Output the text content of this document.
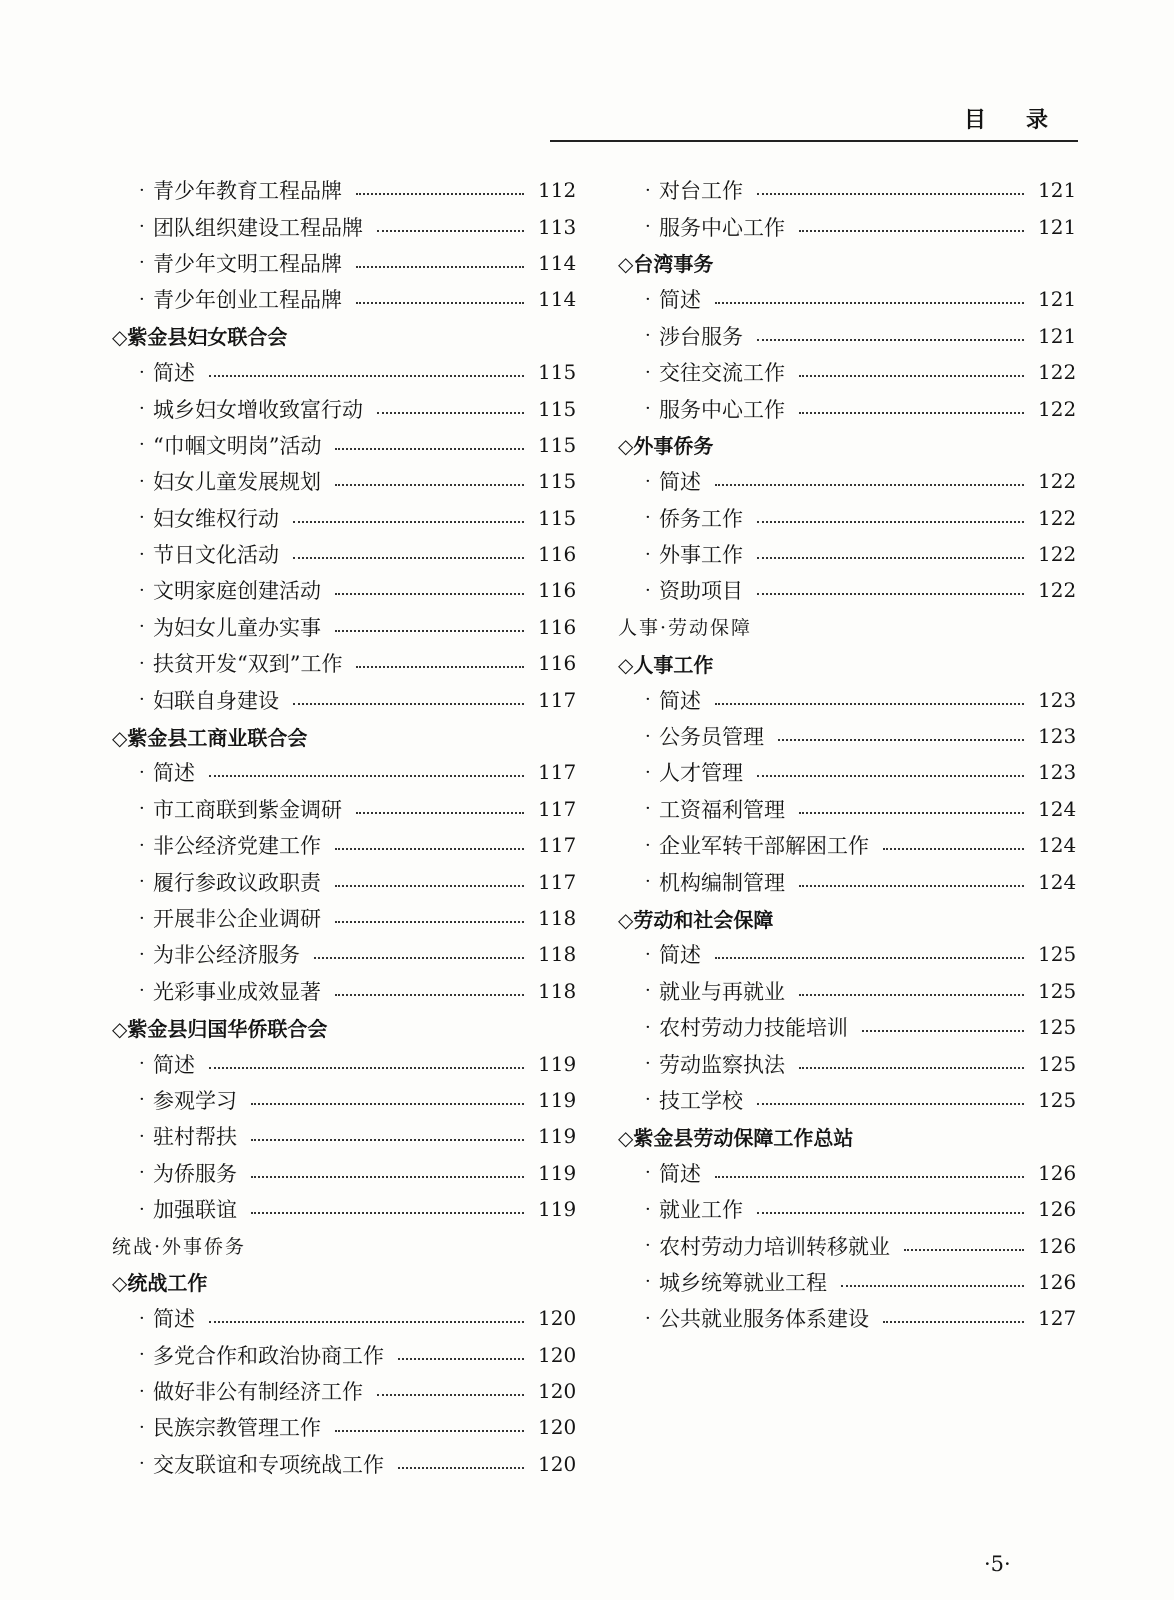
目录
· 青少年教育工程品牌	112
· 团队组织建设工程品牌	113
· 青少年文明工程品牌	114
· 青少年创业工程品牌	114
◇紫金县妇女联合会
· 简述	115
· 城乡妇女增收致富行动	115
· “巾帼文明岗”活动	115
· 妇女儿童发展规划	115
· 妇女维权行动	115
· 节日文化活动	116
· 文明家庭创建活动	116
· 为妇女儿童办实事	116
· 扶贫开发“双到”工作	116
· 妇联自身建设	117
◇紫金县工商业联合会
· 简述	117
· 市工商联到紫金调研	117
· 非公经济党建工作	117
· 履行参政议政职责	117
· 开展非公企业调研	118
· 为非公经济服务	118
· 光彩事业成效显著	118
◇紫金县归国华侨联合会
· 简述	119
· 参观学习	119
· 驻村帮扶	119
· 为侨服务	119
· 加强联谊	119
统战·外事侨务
◇统战工作
· 简述	120
· 多党合作和政治协商工作	120
· 做好非公有制经济工作	120
· 民族宗教管理工作	120
· 交友联谊和专项统战工作	120
· 对台工作	121
· 服务中心工作	121
◇台湾事务
· 简述	121
· 涉台服务	121
· 交往交流工作	122
· 服务中心工作	122
◇外事侨务
· 简述	122
· 侨务工作	122
· 外事工作	122
· 资助项目	122
人事·劳动保障
◇人事工作
· 简述	123
· 公务员管理	123
· 人才管理	123
· 工资福利管理	124
· 企业军转干部解困工作	124
· 机构编制管理	124
◇劳动和社会保障
· 简述	125
· 就业与再就业	125
· 农村劳动力技能培训	125
· 劳动监察执法	125
· 技工学校	125
◇紫金县劳动保障工作总站
· 简述	126
· 就业工作	126
· 农村劳动力培训转移就业	126
· 城乡统筹就业工程	126
· 公共就业服务体系建设	127
·5·
